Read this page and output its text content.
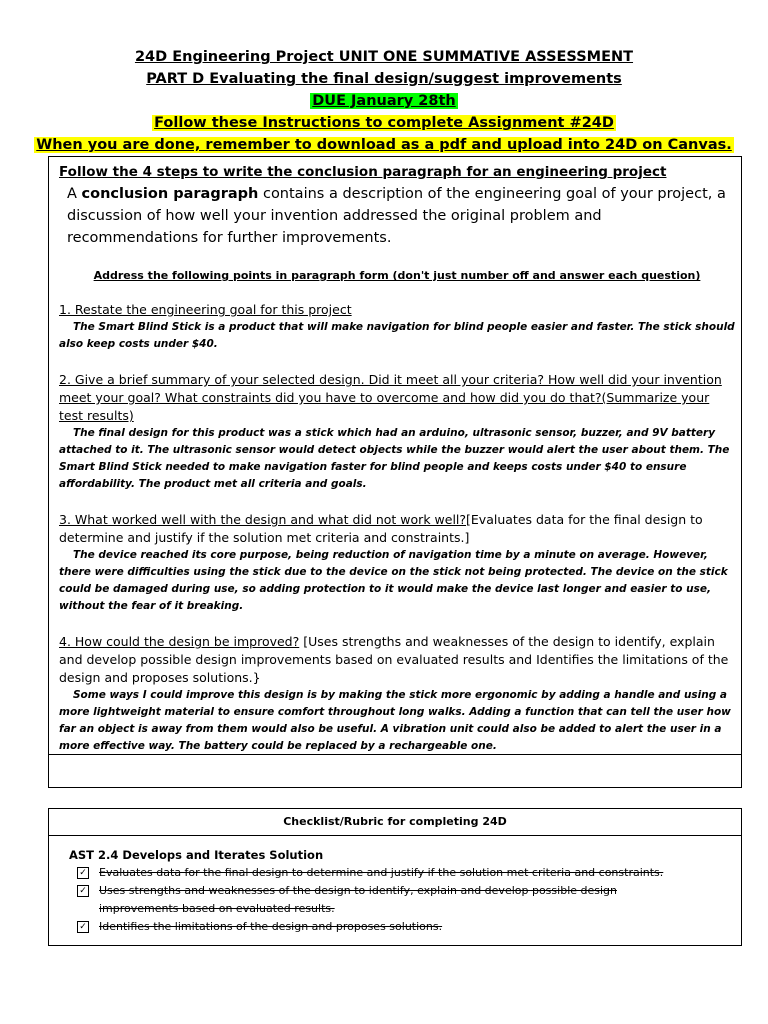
24D Engineering Project UNIT ONE SUMMATIVE ASSESSMENT
PART D Evaluating the final design/suggest improvements
DUE January 28th
Follow these Instructions to complete Assignment #24D
When you are done, remember to download as a pdf and upload into 24D on Canvas.
Follow the 4 steps to write the conclusion paragraph for an engineering project
A conclusion paragraph contains a description of the engineering goal of your project, a discussion of how well your invention addressed the original problem and recommendations for further improvements.
Address the following points in paragraph form (don't just number off and answer each question)
1. Restate the engineering goal for this project
The Smart Blind Stick is a product that will make navigation for blind people easier and faster. The stick should also keep costs under $40.
2. Give a brief summary of your selected design. Did it meet all your criteria? How well did your invention meet your goal? What constraints did you have to overcome and how did you do that?(Summarize your test results)
The final design for this product was a stick which had an arduino, ultrasonic sensor, buzzer, and 9V battery attached to it. The ultrasonic sensor would detect objects while the buzzer would alert the user about them. The Smart Blind Stick needed to make navigation faster for blind people and keeps costs under $40 to ensure affordability. The product met all criteria and goals.
3. What worked well with the design and what did not work well?[Evaluates data for the final design to determine and justify if the solution met criteria and constraints.]
The device reached its core purpose, being reduction of navigation time by a minute on average. However, there were difficulties using the stick due to the device on the stick not being protected. The device on the stick could be damaged during use, so adding protection to it would make the device last longer and easier to use, without the fear of it breaking.
4. How could the design be improved? [Uses strengths and weaknesses of the design to identify, explain and develop possible design improvements based on evaluated results and Identifies the limitations of the design and proposes solutions.}
Some ways I could improve this design is by making the stick more ergonomic by adding a handle and using a more lightweight material to ensure comfort throughout long walks. Adding a function that can tell the user how far an object is away from them would also be useful. A vibration unit could also be added to alert the user in a more effective way. The battery could be replaced by a rechargeable one.
Checklist/Rubric for completing 24D
AST 2.4 Develops and Iterates Solution
✓ Evaluates data for the final design to determine and justify if the solution met criteria and constraints.
✓ Uses strengths and weaknesses of the design to identify, explain and develop possible design improvements based on evaluated results.
✓ Identifies the limitations of the design and proposes solutions.
